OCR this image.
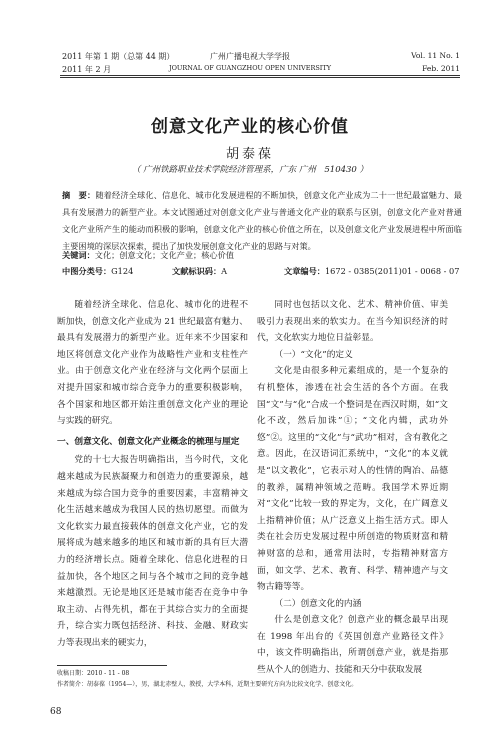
2011 年第 1 期（总第 44 期）
2011 年 2 月
广州广播电视大学学报
JOURNAL OF GUANGZHOU OPEN UNIVERSITY
Vol. 11 No. 1
Feb. 2011
创意文化产业的核心价值
胡泰葆
（ 广州铁路职业技术学院经济管理系，广东 广州　510430 ）
摘　要：随着经济全球化、信息化、城市化发展进程的不断加快，创意文化产业成为二十一世纪最富魅力、最具有发展潜力的新型产业。本文试图通过对创意文化产业与普通文化产业的联系与区别，创意文化产业对普通文化产业所产生的能动而积极的影响，创意文化产业的核心价值之所在，以及创意文化产业发展进程中所面临主要困境的深层次探索，提出了加快发展创意文化产业的思路与对策。
关键词：文化；创意文化；文化产业；核心价值
中图分类号：G124	文献标识码：A	文章编号：1672 - 0385(2011)01 - 0068 - 07

随着经济全球化、信息化、城市化的进程不断加快，创意文化产业成为 21 世纪最富有魅力、最具有发展潜力的新型产业。近年来不少国家和地区将创意文化产业作为战略性产业和支柱性产业。由于创意文化产业在经济与文化两个层面上对提升国家和城市综合竞争力的重要积极影响，各个国家和地区都开始注重创意文化产业的理论与实践的研究。

一、创意文化、创意文化产业概念的梳理与厘定

党的十七大报告明确指出，当今时代，文化越来越成为民族凝聚力和创造力的重要源泉，越来越成为综合国力竞争的重要因素，丰富精神文化生活越来越成为我国人民的热切愿望。而做为文化软实力最直接载体的创意文化产业，它的发展将成为越来越多的地区和城市新的具有巨大潜力的经济增长点。随着全球化、信息化进程的日益加快，各个地区之间与各个城市之间的竞争越来越激烈。无论是地区还是城市能否在竞争中争取主动、占得先机，都在于其综合实力的全面提升，综合实力既包括经济、科技、金融、财政实力等表现出来的硬实力，

同时也包括以文化、艺术、精神价值、审美吸引力表现出来的软实力。在当今知识经济的时代，文化软实力地位日益彰显。

（一）“文化”的定义

文化是由很多种元素组成的，是一个复杂的有机整体，渗透在社会生活的各个方面。在我国“文”与“化”合成一个整词是在西汉时期，如“文化不改，然后加诛”①；“文化内辑，武功外悠”②。这里的“文化”与“武功”相对，含有教化之意。因此，在汉语词汇系统中，“文化”的本义就是“以文教化”，它表示对人的性情的陶冶、品德的教养，属精神领域之范畴。我国学术界近期对“文化”比较一致的界定为，文化，在广阔意义上指精神价值；从广泛意义上指生活方式。即人类在社会历史发展过程中所创造的物质财富和精神财富的总和，通常用法时，专指精神财富方面，如文学、艺术、教育、科学、精神遗产与文物古籍等等。

（二）创意文化的内涵

什么是创意文化？创意产业的概念最早出现在 1998 年出台的《英国创意产业路径文件》中，该文件明确指出，所谓创意产业，就是指那些从个人的创造力、技能和天分中获取发展

收稿日期：2010 - 11 - 08
作者简介：胡泰葆（1954—），男，湖北赤壁人，教授，大学本科，近期主要研究方向为比较文化学、创意文化。
68
